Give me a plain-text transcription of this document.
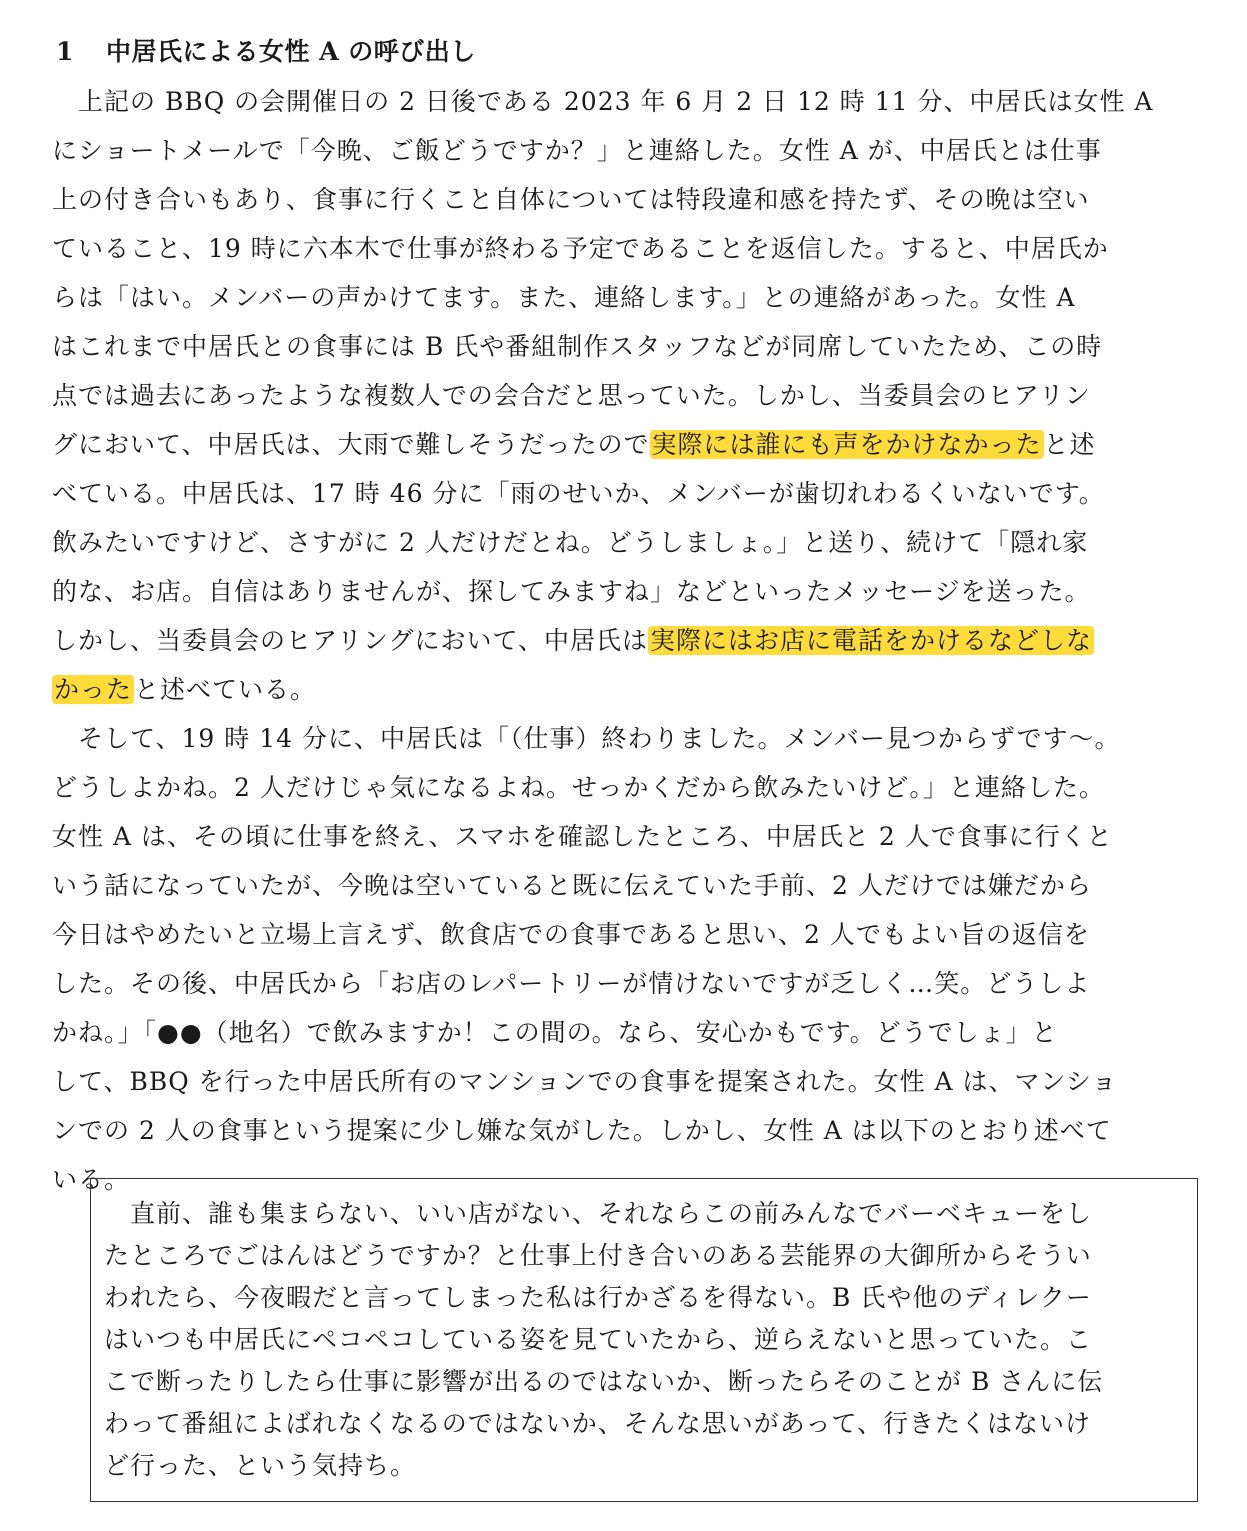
1 中居氏による女性 A の呼び出し
上記の BBQ の会開催日の 2 日後である 2023 年 6 月 2 日 12 時 11 分、中居氏は女性 A
にショートメールで「今晩、ご飯どうですか？」と連絡した。女性 A が、中居氏とは仕事
上の付き合いもあり、食事に行くこと自体については特段違和感を持たず、その晩は空い
ていること、19 時に六本木で仕事が終わる予定であることを返信した。すると、中居氏か
らは「はい。メンバーの声かけてます。また、連絡します。」との連絡があった。女性 A
はこれまで中居氏との食事には B 氏や番組制作スタッフなどが同席していたため、この時
点では過去にあったような複数人での会合だと思っていた。しかし、当委員会のヒアリン
グにおいて、中居氏は、大雨で難しそうだったので実際には誰にも声をかけなかったと述
べている。中居氏は、17 時 46 分に「雨のせいか、メンバーが歯切れわるくいないです。
飲みたいですけど、さすがに 2 人だけだとね。どうしましょ。」と送り、続けて「隠れ家
的な、お店。自信はありませんが、探してみますね」などといったメッセージを送った。
しかし、当委員会のヒアリングにおいて、中居氏は実際にはお店に電話をかけるなどしな
かったと述べている。
そして、19 時 14 分に、中居氏は「（仕事）終わりました。メンバー見つからずです～。
どうしよかね。2 人だけじゃ気になるよね。せっかくだから飲みたいけど。」と連絡した。
女性 A は、その頃に仕事を終え、スマホを確認したところ、中居氏と 2 人で食事に行くと
いう話になっていたが、今晩は空いていると既に伝えていた手前、2 人だけでは嫌だから
今日はやめたいと立場上言えず、飲食店での食事であると思い、2 人でもよい旨の返信を
した。その後、中居氏から「お店のレパートリーが情けないですが乏しく…笑。どうしよ
かね。」「●●（地名）で飲みますか！この間の。なら、安心かもです。どうでしょ」と
して、BBQ を行った中居氏所有のマンションでの食事を提案された。女性 A は、マンショ
ンでの 2 人の食事という提案に少し嫌な気がした。しかし、女性 A は以下のとおり述べて
いる。
直前、誰も集まらない、いい店がない、それならこの前みんなでバーベキューをし
たところでごはんはどうですか？と仕事上付き合いのある芸能界の大御所からそうい
われたら、今夜暇だと言ってしまった私は行かざるを得ない。B 氏や他のディレクー
はいつも中居氏にペコペコしている姿を見ていたから、逆らえないと思っていた。こ
こで断ったりしたら仕事に影響が出るのではないか、断ったらそのことが B さんに伝
わって番組によばれなくなるのではないか、そんな思いがあって、行きたくはないけ
ど行った、という気持ち。
